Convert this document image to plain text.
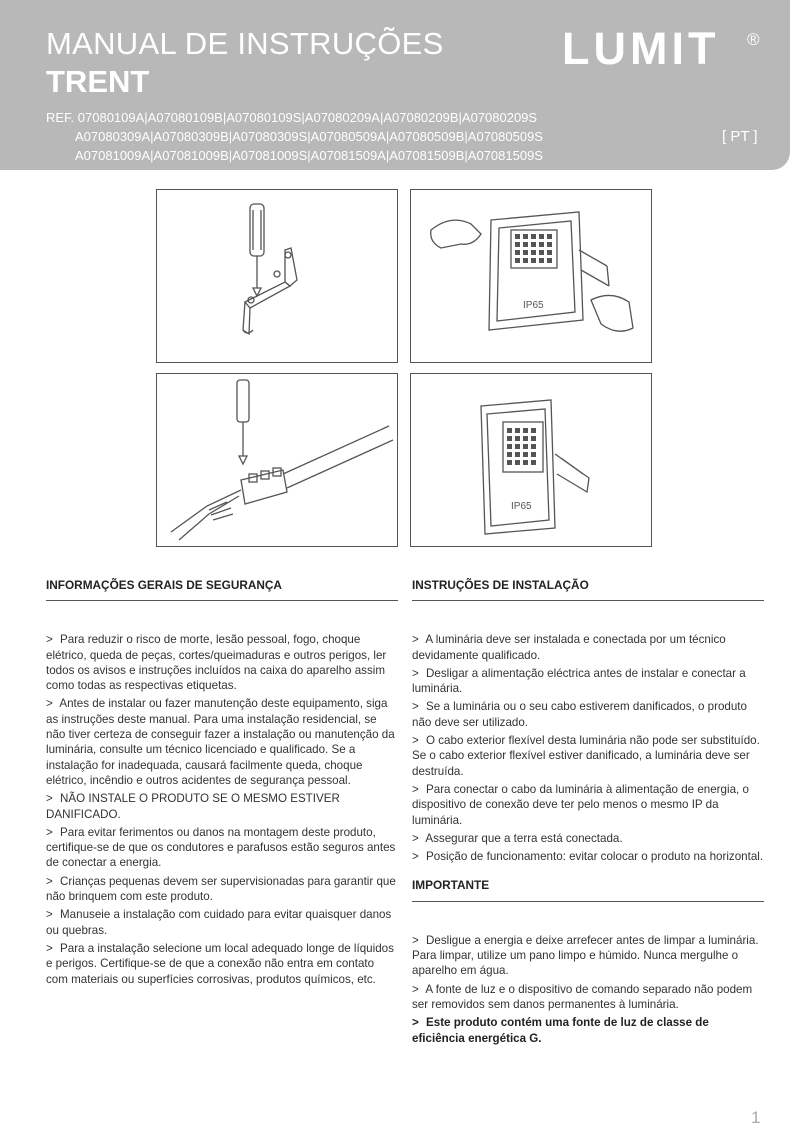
MANUAL DE INSTRUÇÕES
TRENT
LUMIT ®
REF. 07080109A|A07080109B|A07080109S|A07080209A|A07080209B|A07080209S
A07080309A|A07080309B|A07080309S|A07080509A|A07080509B|A07080509S
A07081009A|A07081009B|A07081009S|A07081509A|A07081509B|A07081509S
[ PT ]
IP65
IP65
INFORMAÇÕES GERAIS DE SEGURANÇA
> Para reduzir o risco de morte, lesão pessoal, fogo, choque elétrico, queda de peças, cortes/queimaduras e outros perigos, ler todos os avisos e instruções incluídos na caixa do aparelho assim como todas as respectivas etiquetas.
> Antes de instalar ou fazer manutenção deste equipamento, siga as instruções deste manual. Para uma instalação residencial, se não tiver certeza de conseguir fazer a instalação ou manutenção da luminária, consulte um técnico licenciado e qualificado. Se a instalação for inadequada, causará facilmente queda, choque elétrico, incêndio e outros acidentes de segurança pessoal.
> NÃO INSTALE O PRODUTO SE O MESMO ESTIVER DANIFICADO.
> Para evitar ferimentos ou danos na montagem deste produto, certifique-se de que os condutores e parafusos estão seguros antes de conectar a energia.
> Crianças pequenas devem ser supervisionadas para garantir que não brinquem com este produto.
> Manuseie a instalação com cuidado para evitar quaisquer danos ou quebras.
> Para a instalação selecione um local adequado longe de líquidos e perigos. Certifique-se de que a conexão não entra em contato com materiais ou superfícies corrosivas, produtos químicos, etc.
INSTRUÇÕES DE INSTALAÇÃO
> A luminária deve ser instalada e conectada por um técnico devidamente qualificado.
> Desligar a alimentação eléctrica antes de instalar e conectar a luminária.
> Se a luminária ou o seu cabo estiverem danificados, o produto não deve ser utilizado.
> O cabo exterior flexível desta luminária não pode ser substituído. Se o cabo exterior flexível estiver danificado, a luminária deve ser destruída.
> Para conectar o cabo da luminária à alimentação de energia, o dispositivo de conexão deve ter pelo menos o mesmo IP da luminária.
> Assegurar que a terra está conectada.
> Posição de funcionamento: evitar colocar o produto na horizontal.
IMPORTANTE
> Desligue a energia e deixe arrefecer antes de limpar a luminária. Para limpar, utilize um pano limpo e húmido. Nunca mergulhe o aparelho em água.
> A fonte de luz e o dispositivo de comando separado não podem ser removidos sem danos permanentes à luminária.
> Este produto contém uma fonte de luz de classe de eficiência energética G.
1
